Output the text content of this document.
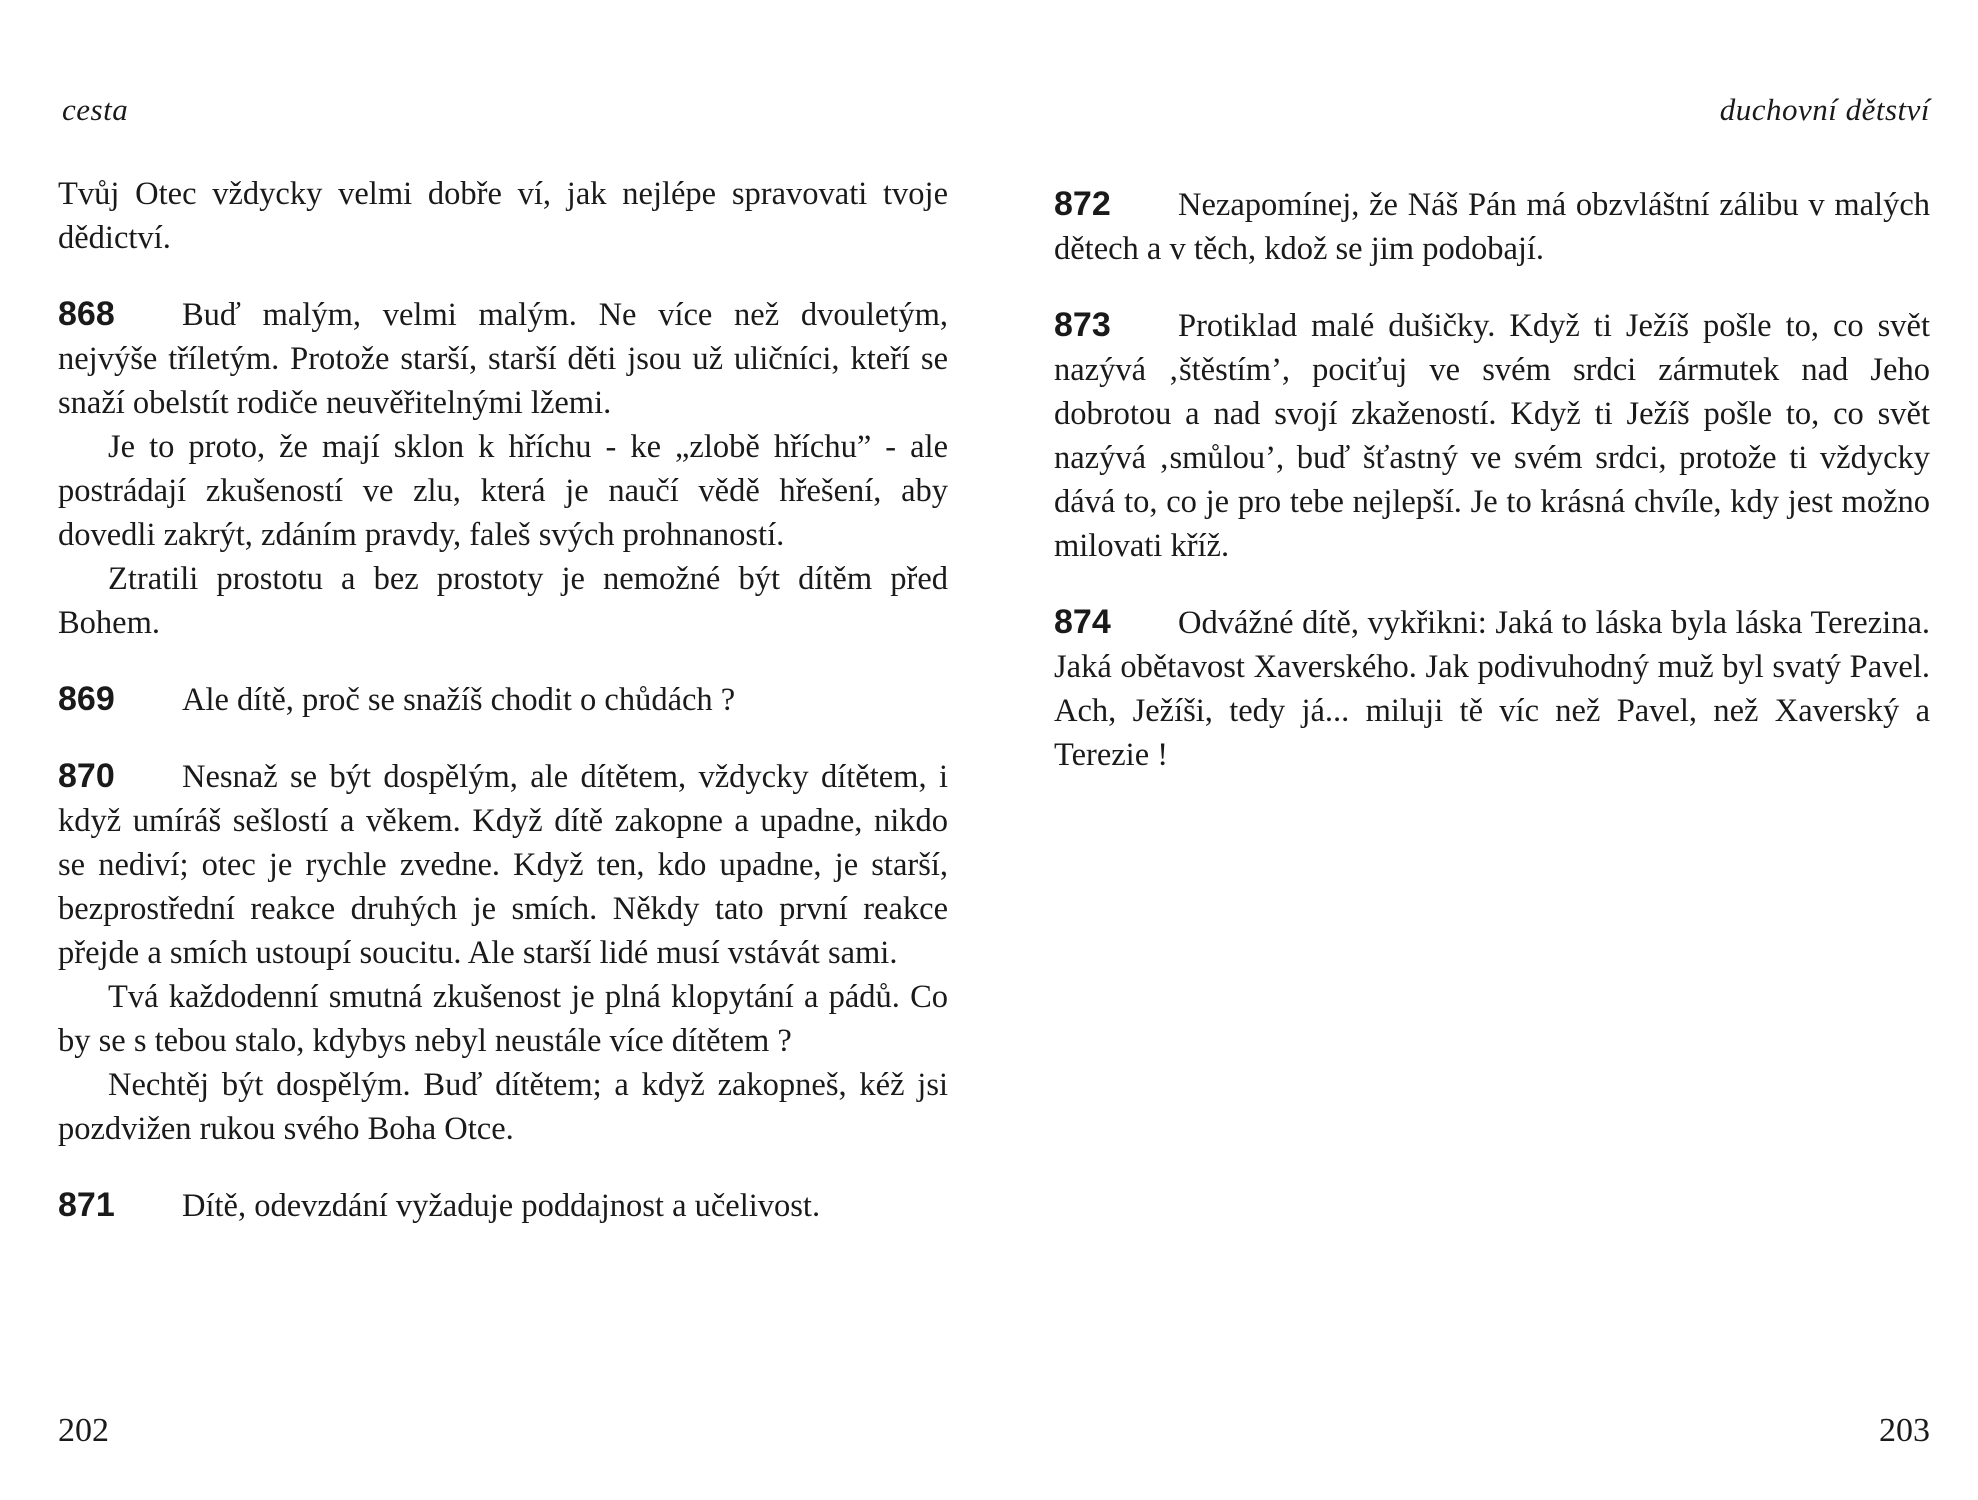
cesta

Tvůj Otec vždycky velmi dobře ví, jak nejlépe spravovati tvoje dědictví.

868 Buď malým, velmi malým. Ne více než dvouletým, nejvýše tříletým. Protože starší, starší děti jsou už uličníci, kteří se snaží obelstít rodiče neuvěřitelnými lžemi.

Je to proto, že mají sklon k hříchu - ke „zlobě hříchu” - ale postrádají zkušeností ve zlu, která je naučí vědě hřešení, aby dovedli zakrýt, zdáním pravdy, faleš svých prohnaností.

Ztratili prostotu a bez prostoty je nemožné být dítěm před Bohem.

869 Ale dítě, proč se snažíš chodit o chůdách ?

870 Nesnaž se být dospělým, ale dítětem, vždycky dítětem, i když umíráš sešlostí a věkem. Když dítě zakopne a upadne, nikdo se nediví; otec je rychle zvedne. Když ten, kdo upadne, je starší, bezprostřední reakce druhých je smích. Někdy tato první reakce přejde a smích ustoupí soucitu. Ale starší lidé musí vstávát sami.

Tvá každodenní smutná zkušenost je plná klopytání a pádů. Co by se s tebou stalo, kdybys nebyl neustále více dítětem ?

Nechtěj být dospělým. Buď dítětem; a když zakopneš, kéž jsi pozdvižen rukou svého Boha Otce.

871 Dítě, odevzdání vyžaduje poddajnost a učelivost.

202
duchovní dětství

872 Nezapomínej, že Náš Pán má obzvláštní zálibu v malých dětech a v těch, kdož se jim podobají.

873 Protiklad malé dušičky. Když ti Ježíš pošle to, co svět nazývá ‚štěstím’, pociťuj ve svém srdci zármutek nad Jeho dobrotou a nad svojí zkažeností. Když ti Ježíš pošle to, co svět nazývá ‚smůlou’, buď šťastný ve svém srdci, protože ti vždycky dává to, co je pro tebe nejlepší. Je to krásná chvíle, kdy jest možno milovati kříž.

874 Odvážné dítě, vykřikni: Jaká to láska byla láska Terezina. Jaká obětavost Xaverského. Jak podivuhodný muž byl svatý Pavel. Ach, Ježíši, tedy já... miluji tě víc než Pavel, než Xaverský a Terezie !

203
